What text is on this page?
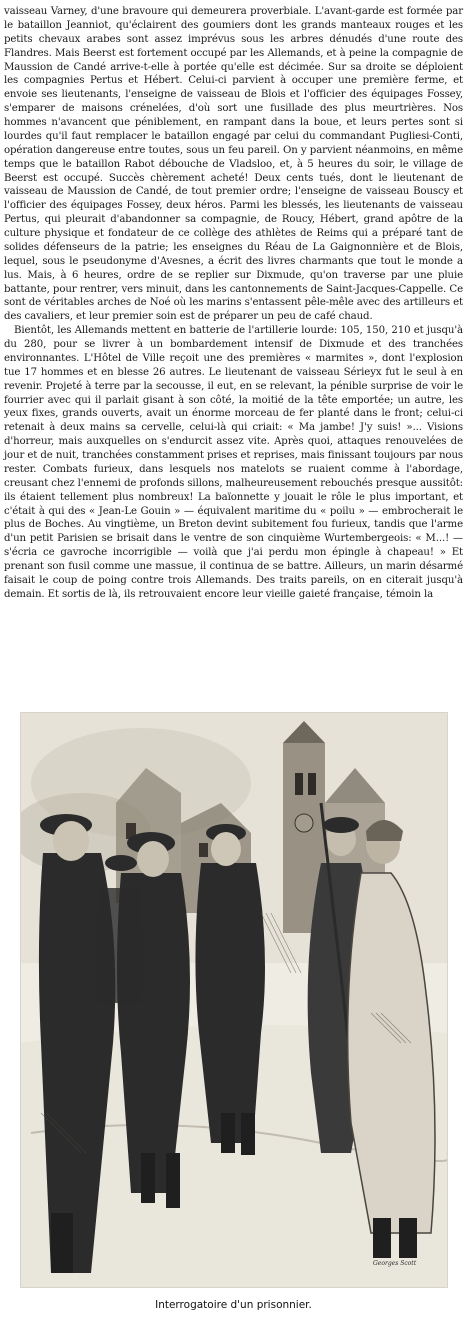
vaisseau Varney, d'une bravoure qui demeurera proverbiale. L'avant-garde est formée par le bataillon Jeanniot, qu'éclairent des goumiers dont les grands manteaux rouges et les petits chevaux arabes sont assez imprévus sous les arbres dénudés d'une route des Flandres. Mais Beerst est fortement occupé par les Allemands, et à peine la compagnie de Maussion de Candé arrive-t-elle à portée qu'elle est décimée. Sur sa droite se déploient les compagnies Pertus et Hébert. Celui-ci parvient à occuper une première ferme, et envoie ses lieutenants, l'enseigne de vaisseau de Blois et l'officier des équipages Fossey, s'emparer de maisons crénelées, d'où sort une fusillade des plus meurtrières. Nos hommes n'avancent que péniblement, en rampant dans la boue, et leurs pertes sont si lourdes qu'il faut remplacer le bataillon engagé par celui du commandant Pugliesi-Conti, opération dangereuse entre toutes, sous un feu pareil. On y parvient néanmoins, en même temps que le bataillon Rabot débouche de Vladsloo, et, à 5 heures du soir, le village de Beerst est occupé. Succès chèrement acheté! Deux cents tués, dont le lieutenant de vaisseau de Maussion de Candé, de tout premier ordre; l'enseigne de vaisseau Bouscy et l'officier des équipages Fossey, deux héros. Parmi les blessés, les lieutenants de vaisseau Pertus, qui pleurait d'abandonner sa compagnie, de Roucy, Hébert, grand apôtre de la culture physique et fondateur de ce collège des athlètes de Reims qui a préparé tant de solides défenseurs de la patrie; les enseignes du Réau de La Gaignonnière et de Blois, lequel, sous le pseudonyme d'Avesnes, a écrit des livres charmants que tout le monde a lus. Mais, à 6 heures, ordre de se replier sur Dixmude, qu'on traverse par une pluie battante, pour rentrer, vers minuit, dans les cantonnements de Saint-Jacques-Cappelle. Ce sont de véritables arches de Noé où les marins s'entassent pêle-mêle avec des artilleurs et des cavaliers, et leur premier soin est de préparer un peu de café chaud.

Bientôt, les Allemands mettent en batterie de l'artillerie lourde: 105, 150, 210 et jusqu'à du 280, pour se livrer à un bombardement intensif de Dixmude et des tranchées environnantes. L'Hôtel de Ville reçoit une des premières « marmites », dont l'explosion tue 17 hommes et en blesse 26 autres. Le lieutenant de vaisseau Sérieyx fut le seul à en revenir. Projeté à terre par la secousse, il eut, en se relevant, la pénible surprise de voir le fourrier avec qui il parlait gisant à son côté, la moitié de la tête emportée; un autre, les yeux fixes, grands ouverts, avait un énorme morceau de fer planté dans le front; celui-ci retenait à deux mains sa cervelle, celui-là qui criait: « Ma jambe! J'y suis! »... Visions d'horreur, mais auxquelles on s'endurcit assez vite. Après quoi, attaques renouvelées de jour et de nuit, tranchées constamment prises et reprises, mais finissant toujours par nous rester. Combats furieux, dans lesquels nos matelots se ruaient comme à l'abordage, creusant chez l'ennemi de profonds sillons, malheureusement rebouchés presque aussitôt: ils étaient tellement plus nombreux! La baïonnette y jouait le rôle le plus important, et c'était à qui des « Jean-Le Gouin » — équivalent maritime du « poilu » — embrocherait le plus de Boches. Au vingtième, un Breton devint subitement fou furieux, tandis que l'arme d'un petit Parisien se brisait dans le ventre de son cinquième Wurtembergeois: « M...! — s'écria ce gavroche incorrigible — voilà que j'ai perdu mon épingle à chapeau! » Et prenant son fusil comme une massue, il continua de se battre. Ailleurs, un marin désarmé faisait le coup de poing contre trois Allemands. Des traits pareils, on en citerait jusqu'à demain. Et sortis de là, ils retrouvaient encore leur vieille gaieté française, témoin la

Georges Scott
Interrogatoire d'un prisonnier.
